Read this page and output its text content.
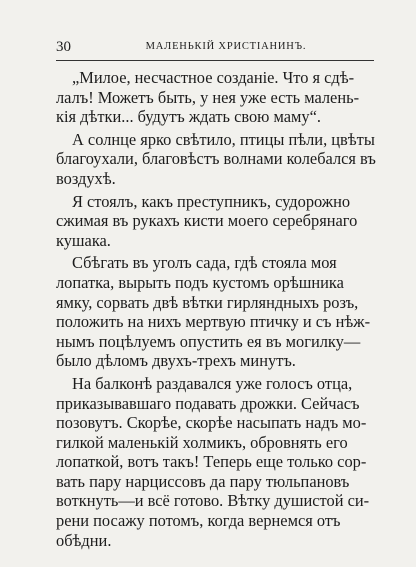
30	МАЛЕНЬКІЙ ХРИСТІАНИНЪ.

„Милое, несчастное созданіе. Что я сдѣ-
лалъ! Можетъ быть, у нея уже есть малень-
кія дѣтки... будутъ ждать свою маму“.

А солнце ярко свѣтило, птицы пѣли, цвѣты
благоухали, благовѣстъ волнами колебался въ
воздухѣ.

Я стоялъ, какъ преступникъ, судорожно
сжимая въ рукахъ кисти моего серебрянаго
кушака.

Сбѣгать въ уголъ сада, гдѣ стояла моя
лопатка, вырыть подъ кустомъ орѣшника
ямку, сорвать двѣ вѣтки гирляндныхъ розъ,
положить на нихъ мертвую птичку и съ нѣж-
нымъ поцѣлуемъ опустить ея въ могилку—
было дѣломъ двухъ-трехъ минутъ.

На балконѣ раздавался уже голосъ отца,
приказывавшаго подавать дрожки. Сейчасъ
позовутъ. Скорѣе, скорѣе насыпать надъ мо-
гилкой маленькій холмикъ, обровнять его
лопаткой, вотъ такъ! Теперь еще только сор-
вать пару нарциссовъ да пару тюльпановъ
воткнуть—и всё готово. Вѣтку душистой си-
рени посажу потомъ, когда вернемся отъ
обѣдни.
